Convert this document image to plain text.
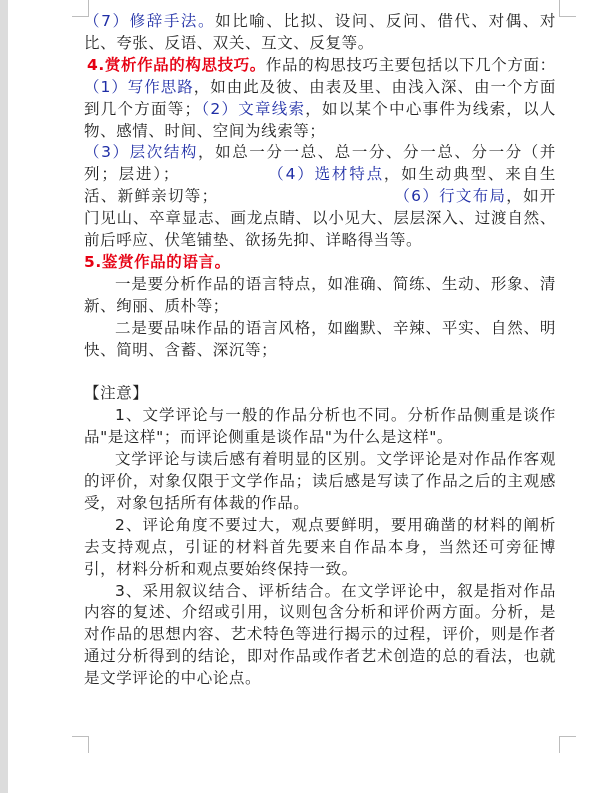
（7）修辞手法。如比喻、比拟、设问、反问、借代、对偶、对比、夸张、反语、双关、互文、反复等。

4.赏析作品的构思技巧。作品的构思技巧主要包括以下几个方面：

（1）写作思路，如由此及彼、由表及里、由浅入深、由一个方面到几个方面等；（2）文章线索，如以某个中心事件为线索，以人物、感情、时间、空间为线索等；

（3）层次结构，如总一分一总、总一分、分一总、分一分（并列；层进）；	（4）选材特点，如生动典型、来自生活、新鲜亲切等；	（6）行文布局，如开门见山、卒章显志、画龙点睛、以小见大、层层深入、过渡自然、前后呼应、伏笔铺垫、欲扬先抑、详略得当等。

5.鉴赏作品的语言。

一是要分析作品的语言特点，如准确、简练、生动、形象、清新、绚丽、质朴等；

二是要品味作品的语言风格，如幽默、辛辣、平实、自然、明快、简明、含蓄、深沉等；

【注意】

1、文学评论与一般的作品分析也不同。分析作品侧重是谈作品"是这样"；而评论侧重是谈作品"为什么是这样"。

文学评论与读后感有着明显的区别。文学评论是对作品作客观的评价，对象仅限于文学作品；读后感是写读了作品之后的主观感受，对象包括所有体裁的作品。

2、评论角度不要过大，观点要鲜明，要用确凿的材料的阐析去支持观点，引证的材料首先要来自作品本身，当然还可旁征博引，材料分析和观点要始终保持一致。

3、采用叙议结合、评析结合。在文学评论中，叙是指对作品内容的复述、介绍或引用，议则包含分析和评价两方面。分析，是对作品的思想内容、艺术特色等进行揭示的过程，评价，则是作者通过分析得到的结论，即对作品或作者艺术创造的总的看法，也就是文学评论的中心论点。
